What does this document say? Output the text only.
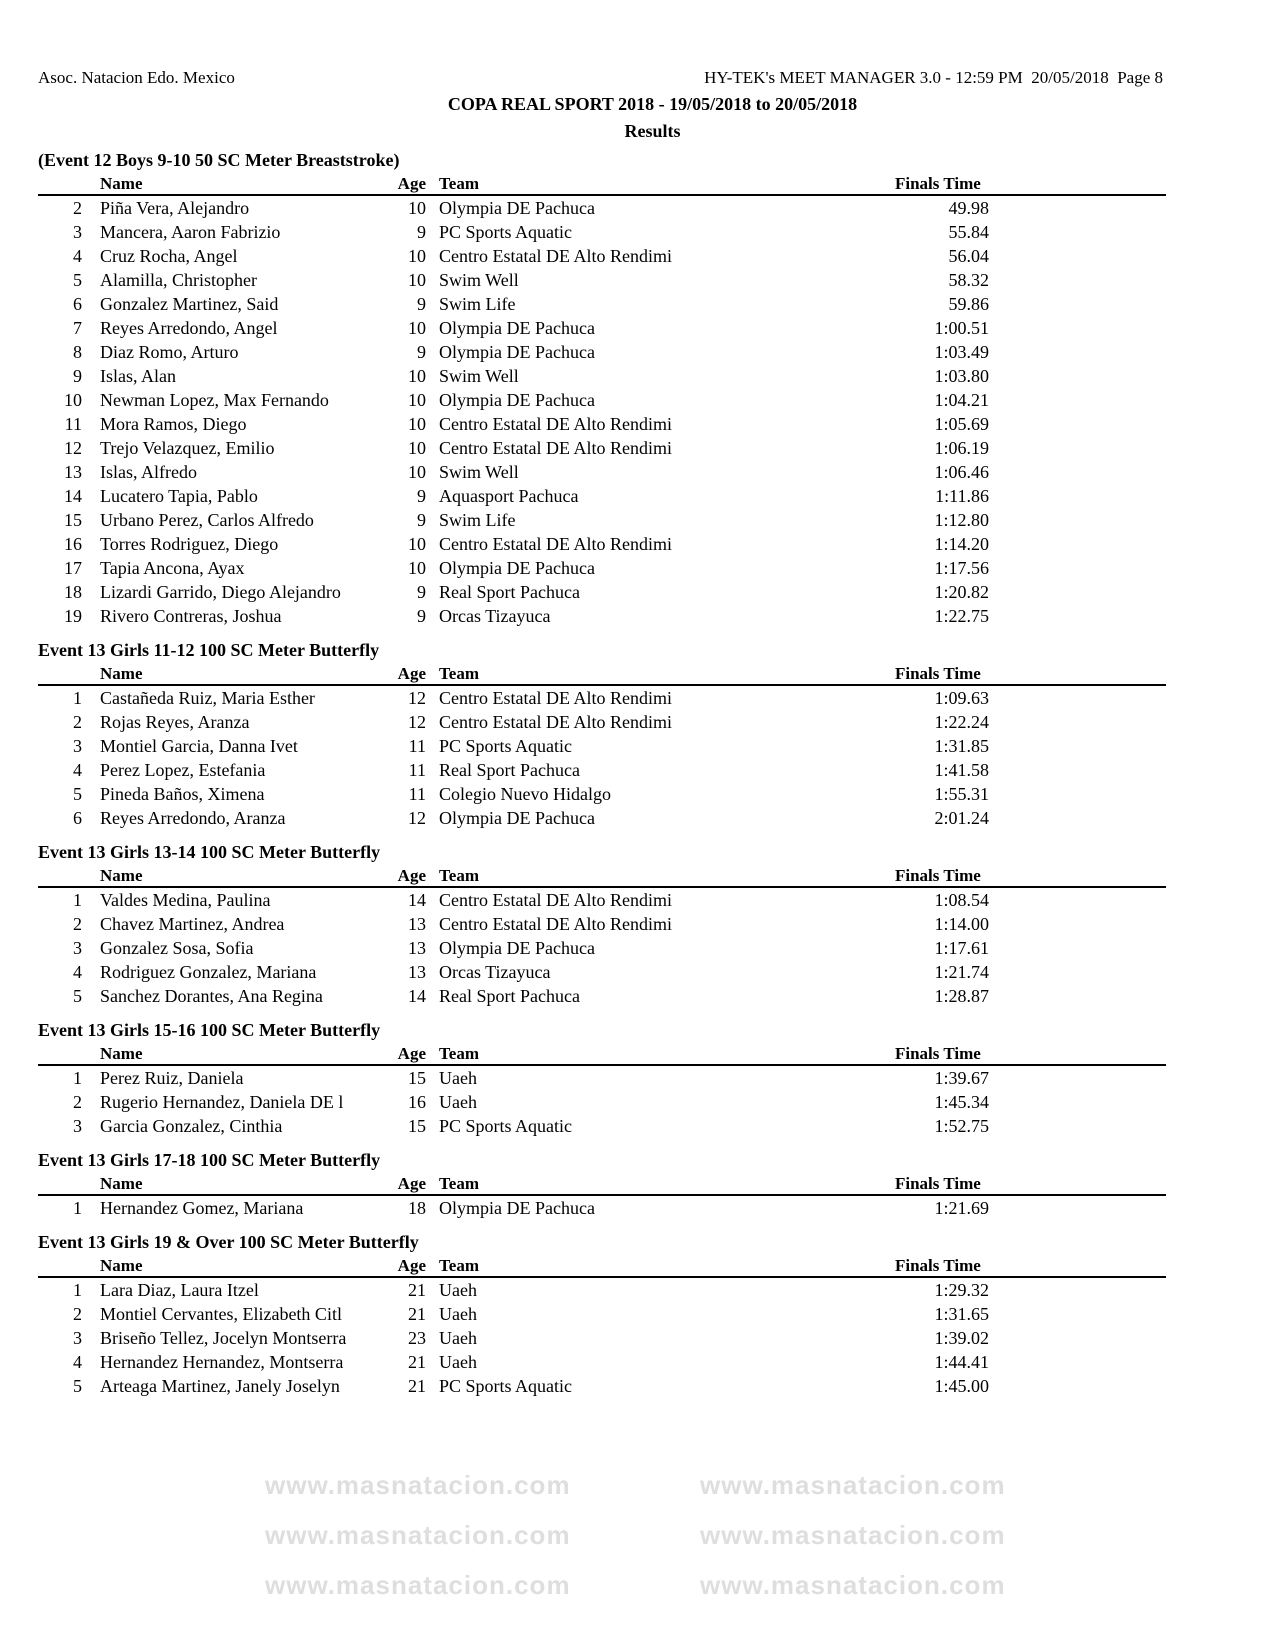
Asoc. Natacion Edo. Mexico	HY-TEK's MEET MANAGER 3.0 - 12:59 PM  20/05/2018  Page 8
COPA REAL SPORT 2018 - 19/05/2018 to 20/05/2018
Results
(Event 12 Boys 9-10 50 SC Meter Breaststroke)
Name	Age Team	Finals Time
2 Piña Vera, Alejandro	10 Olympia DE Pachuca	49.98
3 Mancera, Aaron Fabrizio	9 PC Sports Aquatic	55.84
4 Cruz Rocha, Angel	10 Centro Estatal DE Alto Rendimi	56.04
5 Alamilla, Christopher	10 Swim Well	58.32
6 Gonzalez Martinez, Said	9 Swim Life	59.86
7 Reyes Arredondo, Angel	10 Olympia DE Pachuca	1:00.51
8 Diaz Romo, Arturo	9 Olympia DE Pachuca	1:03.49
9 Islas, Alan	10 Swim Well	1:03.80
10 Newman Lopez, Max Fernando	10 Olympia DE Pachuca	1:04.21
11 Mora Ramos, Diego	10 Centro Estatal DE Alto Rendimi	1:05.69
12 Trejo Velazquez, Emilio	10 Centro Estatal DE Alto Rendimi	1:06.19
13 Islas, Alfredo	10 Swim Well	1:06.46
14 Lucatero Tapia, Pablo	9 Aquasport Pachuca	1:11.86
15 Urbano Perez, Carlos Alfredo	9 Swim Life	1:12.80
16 Torres Rodriguez, Diego	10 Centro Estatal DE Alto Rendimi	1:14.20
17 Tapia Ancona, Ayax	10 Olympia DE Pachuca	1:17.56
18 Lizardi Garrido, Diego Alejandro	9 Real Sport Pachuca	1:20.82
19 Rivero Contreras, Joshua	9 Orcas Tizayuca	1:22.75
Event 13 Girls 11-12 100 SC Meter Butterfly
Name	Age Team	Finals Time
1 Castañeda Ruiz, Maria Esther	12 Centro Estatal DE Alto Rendimi	1:09.63
2 Rojas Reyes, Aranza	12 Centro Estatal DE Alto Rendimi	1:22.24
3 Montiel Garcia, Danna Ivet	11 PC Sports Aquatic	1:31.85
4 Perez Lopez, Estefania	11 Real Sport Pachuca	1:41.58
5 Pineda Baños, Ximena	11 Colegio Nuevo Hidalgo	1:55.31
6 Reyes Arredondo, Aranza	12 Olympia DE Pachuca	2:01.24
Event 13 Girls 13-14 100 SC Meter Butterfly
Name	Age Team	Finals Time
1 Valdes Medina, Paulina	14 Centro Estatal DE Alto Rendimi	1:08.54
2 Chavez Martinez, Andrea	13 Centro Estatal DE Alto Rendimi	1:14.00
3 Gonzalez Sosa, Sofia	13 Olympia DE Pachuca	1:17.61
4 Rodriguez Gonzalez, Mariana	13 Orcas Tizayuca	1:21.74
5 Sanchez Dorantes, Ana Regina	14 Real Sport Pachuca	1:28.87
Event 13 Girls 15-16 100 SC Meter Butterfly
Name	Age Team	Finals Time
1 Perez Ruiz, Daniela	15 Uaeh	1:39.67
2 Rugerio Hernandez, Daniela DE l	16 Uaeh	1:45.34
3 Garcia Gonzalez, Cinthia	15 PC Sports Aquatic	1:52.75
Event 13 Girls 17-18 100 SC Meter Butterfly
Name	Age Team	Finals Time
1 Hernandez Gomez, Mariana	18 Olympia DE Pachuca	1:21.69
Event 13 Girls 19 & Over 100 SC Meter Butterfly
Name	Age Team	Finals Time
1 Lara Diaz, Laura Itzel	21 Uaeh	1:29.32
2 Montiel Cervantes, Elizabeth Citl	21 Uaeh	1:31.65
3 Briseño Tellez, Jocelyn Montserra	23 Uaeh	1:39.02
4 Hernandez Hernandez, Montserra	21 Uaeh	1:44.41
5 Arteaga Martinez, Janely Joselyn	21 PC Sports Aquatic	1:45.00
www.masnatacion.com	www.masnatacion.com
www.masnatacion.com	www.masnatacion.com
www.masnatacion.com	www.masnatacion.com
